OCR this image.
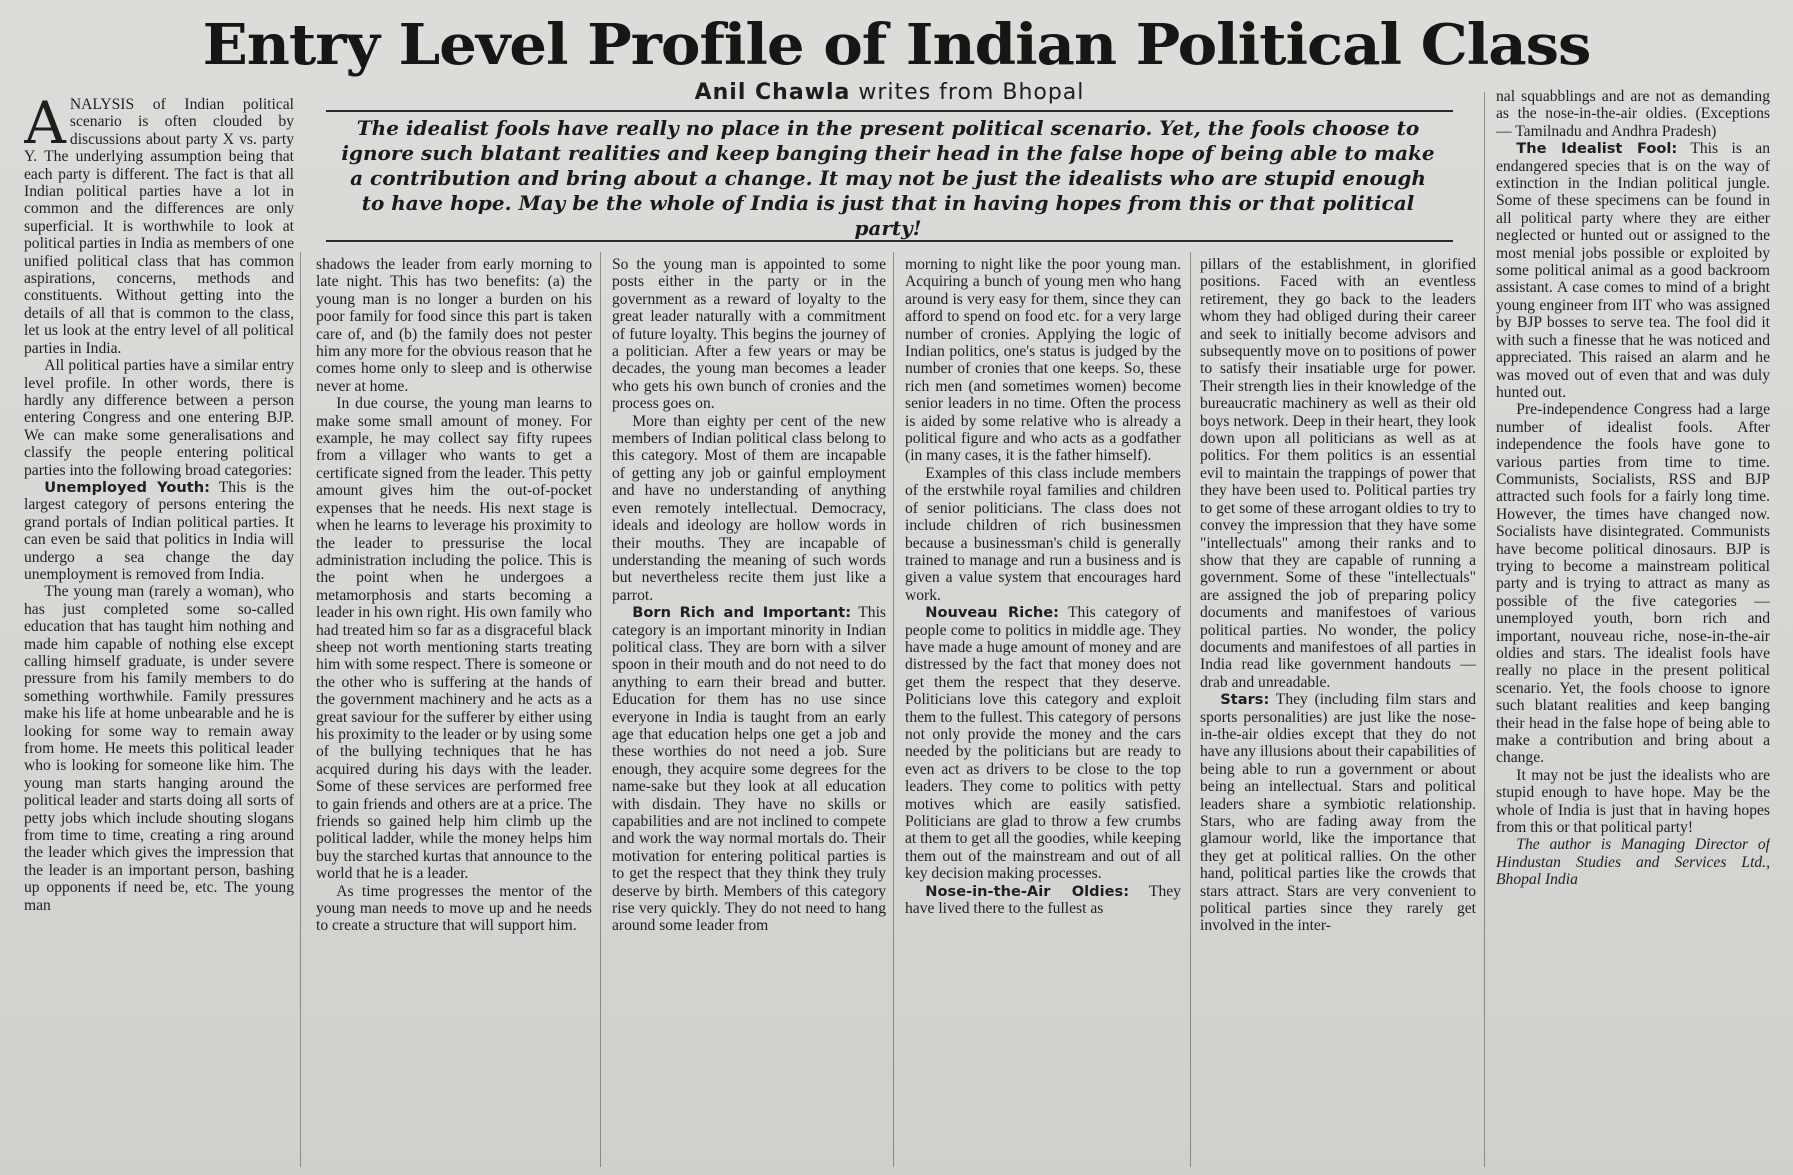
Entry Level Profile of Indian Political Class
Anil Chawla writes from Bhopal

The idealist fools have really no place in the present political scenario. Yet, the fools choose to ignore such blatant realities and keep banging their head in the false hope of being able to make a contribution and bring about a change. It may not be just the idealists who are stupid enough to have hope. May be the whole of India is just that in having hopes from this or that political party!

ANALYSIS of Indian political scenario is often clouded by discussions about party X vs. party Y. The underlying assumption being that each party is different. The fact is that all Indian political parties have a lot in common and the differences are only superficial. It is worthwhile to look at political parties in India as members of one unified political class that has common aspirations, concerns, methods and constituents. Without getting into the details of all that is common to the class, let us look at the entry level of all political parties in India.

All political parties have a similar entry level profile. In other words, there is hardly any difference between a person entering Congress and one entering BJP. We can make some generalisations and classify the people entering political parties into the following broad categories:

Unemployed Youth: This is the largest category of persons entering the grand portals of Indian political parties. It can even be said that politics in India will undergo a sea change the day unemployment is removed from India.

The young man (rarely a woman), who has just completed some so-called education that has taught him nothing and made him capable of nothing else except calling himself graduate, is under severe pressure from his family members to do something worthwhile. Family pressures make his life at home unbearable and he is looking for some way to remain away from home. He meets this political leader who is looking for someone like him. The young man starts hanging around the political leader and starts doing all sorts of petty jobs which include shouting slogans from time to time, creating a ring around the leader which gives the impression that the leader is an important person, bashing up opponents if need be, etc. The young man

shadows the leader from early morning to late night. This has two benefits: (a) the young man is no longer a burden on his poor family for food since this part is taken care of, and (b) the family does not pester him any more for the obvious reason that he comes home only to sleep and is otherwise never at home.

In due course, the young man learns to make some small amount of money. For example, he may collect say fifty rupees from a villager who wants to get a certificate signed from the leader. This petty amount gives him the out-of-pocket expenses that he needs. His next stage is when he learns to leverage his proximity to the leader to pressurise the local administration including the police. This is the point when he undergoes a metamorphosis and starts becoming a leader in his own right. His own family who had treated him so far as a disgraceful black sheep not worth mentioning starts treating him with some respect. There is someone or the other who is suffering at the hands of the government machinery and he acts as a great saviour for the sufferer by either using his proximity to the leader or by using some of the bullying techniques that he has acquired during his days with the leader. Some of these services are performed free to gain friends and others are at a price. The friends so gained help him climb up the political ladder, while the money helps him buy the starched kurtas that announce to the world that he is a leader.

As time progresses the mentor of the young man needs to move up and he needs to create a structure that will support him.

So the young man is appointed to some posts either in the party or in the government as a reward of loyalty to the great leader naturally with a commitment of future loyalty. This begins the journey of a politician. After a few years or may be decades, the young man becomes a leader who gets his own bunch of cronies and the process goes on.

More than eighty per cent of the new members of Indian political class belong to this category. Most of them are incapable of getting any job or gainful employment and have no understanding of anything even remotely intellectual. Democracy, ideals and ideology are hollow words in their mouths. They are incapable of understanding the meaning of such words but nevertheless recite them just like a parrot.

Born Rich and Important: This category is an important minority in Indian political class. They are born with a silver spoon in their mouth and do not need to do anything to earn their bread and butter. Education for them has no use since everyone in India is taught from an early age that education helps one get a job and these worthies do not need a job. Sure enough, they acquire some degrees for the name-sake but they look at all education with disdain. They have no skills or capabilities and are not inclined to compete and work the way normal mortals do. Their motivation for entering political parties is to get the respect that they think they truly deserve by birth. Members of this category rise very quickly. They do not need to hang around some leader from

morning to night like the poor young man. Acquiring a bunch of young men who hang around is very easy for them, since they can afford to spend on food etc. for a very large number of cronies. Applying the logic of Indian politics, one's status is judged by the number of cronies that one keeps. So, these rich men (and sometimes women) become senior leaders in no time. Often the process is aided by some relative who is already a political figure and who acts as a godfather (in many cases, it is the father himself).

Examples of this class include members of the erstwhile royal families and children of senior politicians. The class does not include children of rich businessmen because a businessman's child is generally trained to manage and run a business and is given a value system that encourages hard work.

Nouveau Riche: This category of people come to politics in middle age. They have made a huge amount of money and are distressed by the fact that money does not get them the respect that they deserve. Politicians love this category and exploit them to the fullest. This category of persons not only provide the money and the cars needed by the politicians but are ready to even act as drivers to be close to the top leaders. They come to politics with petty motives which are easily satisfied. Politicians are glad to throw a few crumbs at them to get all the goodies, while keeping them out of the mainstream and out of all key decision making processes.

Nose-in-the-Air Oldies: They have lived there to the fullest as

pillars of the establishment, in glorified positions. Faced with an eventless retirement, they go back to the leaders whom they had obliged during their career and seek to initially become advisors and subsequently move on to positions of power to satisfy their insatiable urge for power. Their strength lies in their knowledge of the bureaucratic machinery as well as their old boys network. Deep in their heart, they look down upon all politicians as well as at politics. For them politics is an essential evil to maintain the trappings of power that they have been used to. Political parties try to get some of these arrogant oldies to try to convey the impression that they have some "intellectuals" among their ranks and to show that they are capable of running a government. Some of these "intellectuals" are assigned the job of preparing policy documents and manifestoes of various political parties. No wonder, the policy documents and manifestoes of all parties in India read like government handouts — drab and unreadable.

Stars: They (including film stars and sports personalities) are just like the nose-in-the-air oldies except that they do not have any illusions about their capabilities of being able to run a government or about being an intellectual. Stars and political leaders share a symbiotic relationship. Stars, who are fading away from the glamour world, like the importance that they get at political rallies. On the other hand, political parties like the crowds that stars attract. Stars are very convenient to political parties since they rarely get involved in the inter-

nal squabblings and are not as demanding as the nose-in-the-air oldies. (Exceptions — Tamilnadu and Andhra Pradesh)

The Idealist Fool: This is an endangered species that is on the way of extinction in the Indian political jungle. Some of these specimens can be found in all political party where they are either neglected or hunted out or assigned to the most menial jobs possible or exploited by some political animal as a good backroom assistant. A case comes to mind of a bright young engineer from IIT who was assigned by BJP bosses to serve tea. The fool did it with such a finesse that he was noticed and appreciated. This raised an alarm and he was moved out of even that and was duly hunted out.

Pre-independence Congress had a large number of idealist fools. After independence the fools have gone to various parties from time to time. Communists, Socialists, RSS and BJP attracted such fools for a fairly long time. However, the times have changed now. Socialists have disintegrated. Communists have become political dinosaurs. BJP is trying to become a mainstream political party and is trying to attract as many as possible of the five categories — unemployed youth, born rich and important, nouveau riche, nose-in-the-air oldies and stars. The idealist fools have really no place in the present political scenario. Yet, the fools choose to ignore such blatant realities and keep banging their head in the false hope of being able to make a contribution and bring about a change.

It may not be just the idealists who are stupid enough to have hope. May be the whole of India is just that in having hopes from this or that political party!

The author is Managing Director of Hindustan Studies and Services Ltd., Bhopal India
